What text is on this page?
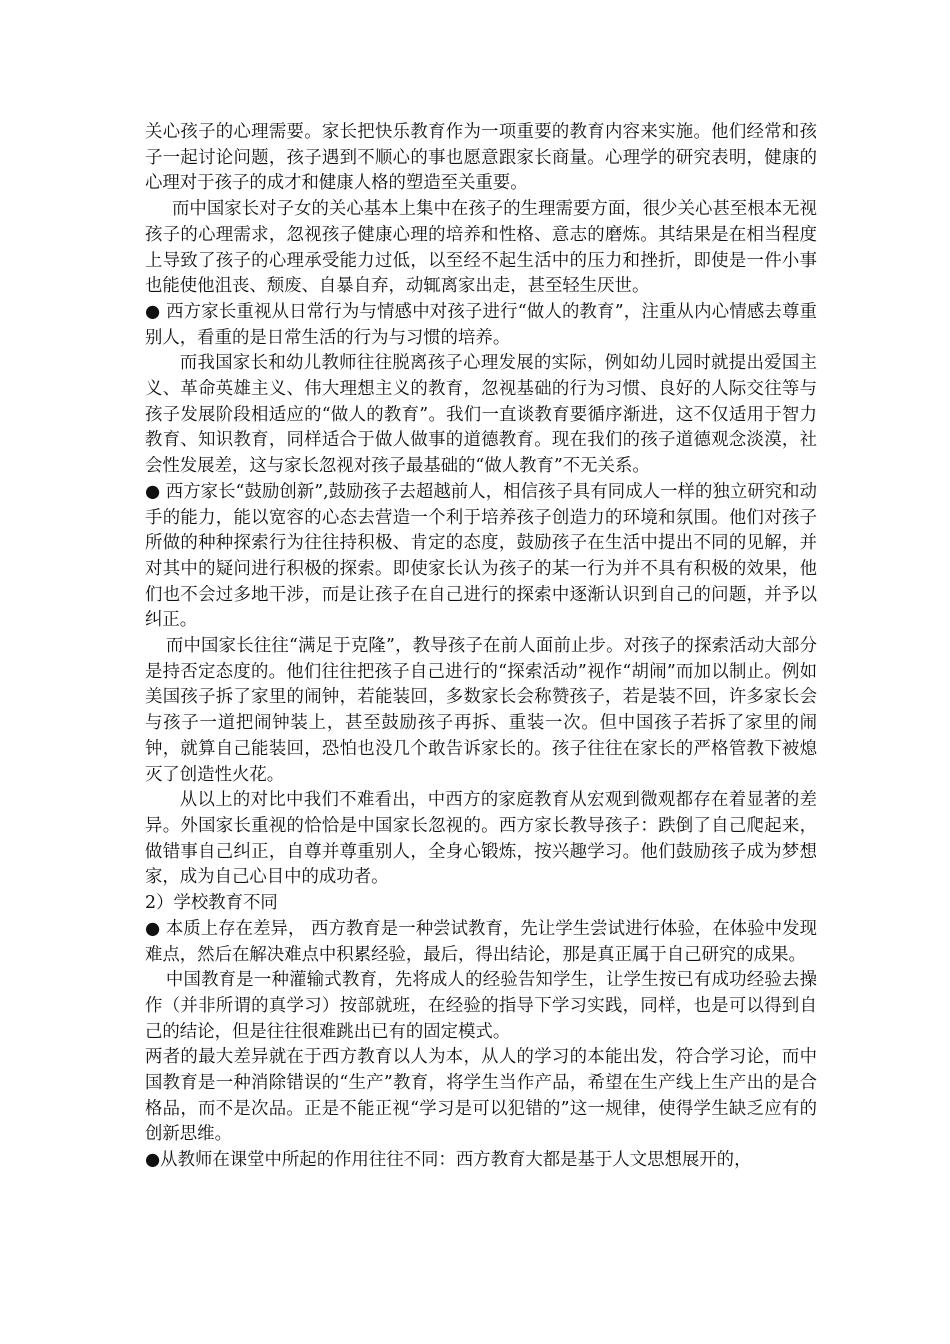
关心孩子的心理需要。家长把快乐教育作为一项重要的教育内容来实施。他们经常和孩子一起讨论问题，孩子遇到不顺心的事也愿意跟家长商量。心理学的研究表明，健康的心理对于孩子的成才和健康人格的塑造至关重要。

而中国家长对子女的关心基本上集中在孩子的生理需要方面，很少关心甚至根本无视孩子的心理需求，忽视孩子健康心理的培养和性格、意志的磨炼。其结果是在相当程度上导致了孩子的心理承受能力过低，以至经不起生活中的压力和挫折，即使是一件小事也能使他沮丧、颓废、自暴自弃，动辄离家出走，甚至轻生厌世。

● 西方家长重视从日常行为与情感中对孩子进行“做人的教育”，注重从内心情感去尊重别人，看重的是日常生活的行为与习惯的培养。

而我国家长和幼儿教师往往脱离孩子心理发展的实际，例如幼儿园时就提出爱国主义、革命英雄主义、伟大理想主义的教育，忽视基础的行为习惯、良好的人际交往等与孩子发展阶段相适应的“做人的教育”。我们一直谈教育要循序渐进，这不仅适用于智力教育、知识教育，同样适合于做人做事的道德教育。现在我们的孩子道德观念淡漠，社会性发展差，这与家长忽视对孩子最基础的“做人教育”不无关系。

● 西方家长“鼓励创新”,鼓励孩子去超越前人，相信孩子具有同成人一样的独立研究和动手的能力，能以宽容的心态去营造一个利于培养孩子创造力的环境和氛围。他们对孩子所做的种种探索行为往往持积极、肯定的态度，鼓励孩子在生活中提出不同的见解，并对其中的疑问进行积极的探索。即使家长认为孩子的某一行为并不具有积极的效果，他们也不会过多地干涉，而是让孩子在自己进行的探索中逐渐认识到自己的问题，并予以纠正。

而中国家长往往“满足于克隆”，教导孩子在前人面前止步。对孩子的探索活动大部分是持否定态度的。他们往往把孩子自己进行的“探索活动”视作“胡闹”而加以制止。例如美国孩子拆了家里的闹钟，若能装回，多数家长会称赞孩子，若是装不回，许多家长会与孩子一道把闹钟装上，甚至鼓励孩子再拆、重装一次。但中国孩子若拆了家里的闹钟，就算自己能装回，恐怕也没几个敢告诉家长的。孩子往往在家长的严格管教下被熄灭了创造性火花。

从以上的对比中我们不难看出，中西方的家庭教育从宏观到微观都存在着显著的差异。外国家长重视的恰恰是中国家长忽视的。西方家长教导孩子：跌倒了自己爬起来，做错事自己纠正，自尊并尊重别人，全身心锻炼，按兴趣学习。他们鼓励孩子成为梦想家，成为自己心目中的成功者。

2）学校教育不同

● 本质上存在差异， 西方教育是一种尝试教育，先让学生尝试进行体验，在体验中发现难点，然后在解决难点中积累经验，最后，得出结论，那是真正属于自己研究的成果。

中国教育是一种灌输式教育，先将成人的经验告知学生，让学生按已有成功经验去操作（并非所谓的真学习）按部就班，在经验的指导下学习实践，同样，也是可以得到自己的结论，但是往往很难跳出已有的固定模式。

两者的最大差异就在于西方教育以人为本，从人的学习的本能出发，符合学习论，而中国教育是一种消除错误的“生产”教育，将学生当作产品，希望在生产线上生产出的是合格品，而不是次品。正是不能正视“学习是可以犯错的”这一规律，使得学生缺乏应有的创新思维。

●从教师在课堂中所起的作用往往不同：西方教育大都是基于人文思想展开的，
